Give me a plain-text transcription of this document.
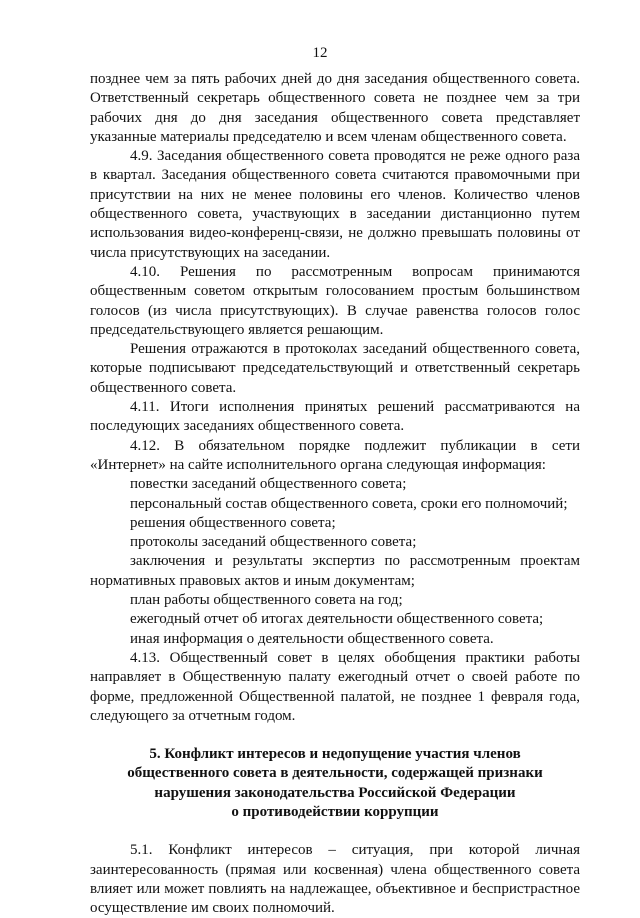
12

позднее чем за пять рабочих дней до дня заседания общественного совета. Ответственный секретарь общественного совета не позднее чем за три рабочих дня до дня заседания общественного совета представляет указанные материалы председателю и всем членам общественного совета.

4.9. Заседания общественного совета проводятся не реже одного раза в квартал. Заседания общественного совета считаются правомочными при присутствии на них не менее половины его членов. Количество членов общественного совета, участвующих в заседании дистанционно путем использования видео-конференц-связи, не должно превышать половины от числа присутствующих на заседании.

4.10. Решения по рассмотренным вопросам принимаются общественным советом открытым голосованием простым большинством голосов (из числа присутствующих). В случае равенства голосов голос председательствующего является решающим.

Решения отражаются в протоколах заседаний общественного совета, которые подписывают председательствующий и ответственный секретарь общественного совета.

4.11. Итоги исполнения принятых решений рассматриваются на последующих заседаниях общественного совета.

4.12. В обязательном порядке подлежит публикации в сети «Интернет» на сайте исполнительного органа следующая информация:

повестки заседаний общественного совета;

персональный состав общественного совета, сроки его полномочий;

решения общественного совета;

протоколы заседаний общественного совета;

заключения и результаты экспертиз по рассмотренным проектам нормативных правовых актов и иным документам;

план работы общественного совета на год;

ежегодный отчет об итогах деятельности общественного совета;

иная информация о деятельности общественного совета.

4.13. Общественный совет в целях обобщения практики работы направляет в Общественную палату ежегодный отчет о своей работе по форме, предложенной Общественной палатой, не позднее 1 февраля года, следующего за отчетным годом.

5. Конфликт интересов и недопущение участия членов
общественного совета в деятельности, содержащей признаки
нарушения законодательства Российской Федерации
о противодействии коррупции

5.1. Конфликт интересов – ситуация, при которой личная заинтересованность (прямая или косвенная) члена общественного совета влияет или может повлиять на надлежащее, объективное и беспристрастное осуществление им своих полномочий.
